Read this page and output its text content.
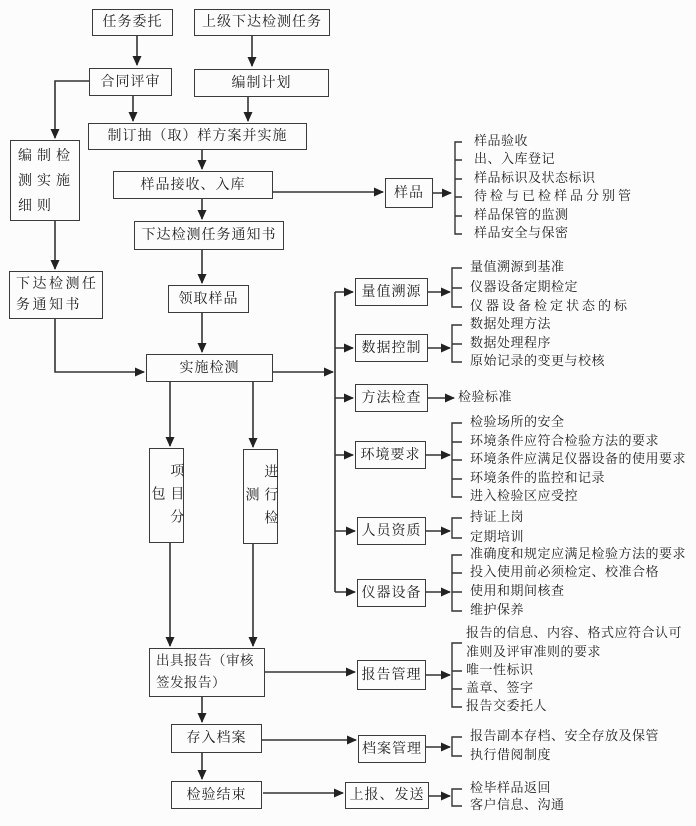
任务委托	上级下达检测任务
合同评审	编制计划
制订抽（取）样方案并实施
样品接收、入库
编制检测实施细则
下达检测任务通知书
下达检测任务通知书	领取样品
实施检测
项目分包	进行检测
出具报告（审核签发报告）
存入档案
检验结束
样品
量值溯源
数据控制
方法检查
环境要求
人员资质
仪器设备
报告管理
档案管理
上报、发送
样品验收
出、入库登记
样品标识及状态标识
待检与已检样品分别管
样品保管的监测
样品安全与保密
量值溯源到基准
仪器设备定期检定
仪器设备检定状态的标
数据处理方法
数据处理程序
原始记录的变更与校核
检验标准
检验场所的安全
环境条件应符合检验方法的要求
环境条件应满足仪器设备的使用要求
环境条件的监控和记录
进入检验区应受控
持证上岗
定期培训
准确度和规定应满足检验方法的要求
投入使用前必须检定、校准合格
使用和期间核查
维护保养
报告的信息、内容、格式应符合认可准则及评审准则的要求
唯一性标识
盖章、签字
报告交委托人
报告副本存档、安全存放及保管
执行借阅制度
检毕样品返回
客户信息、沟通
